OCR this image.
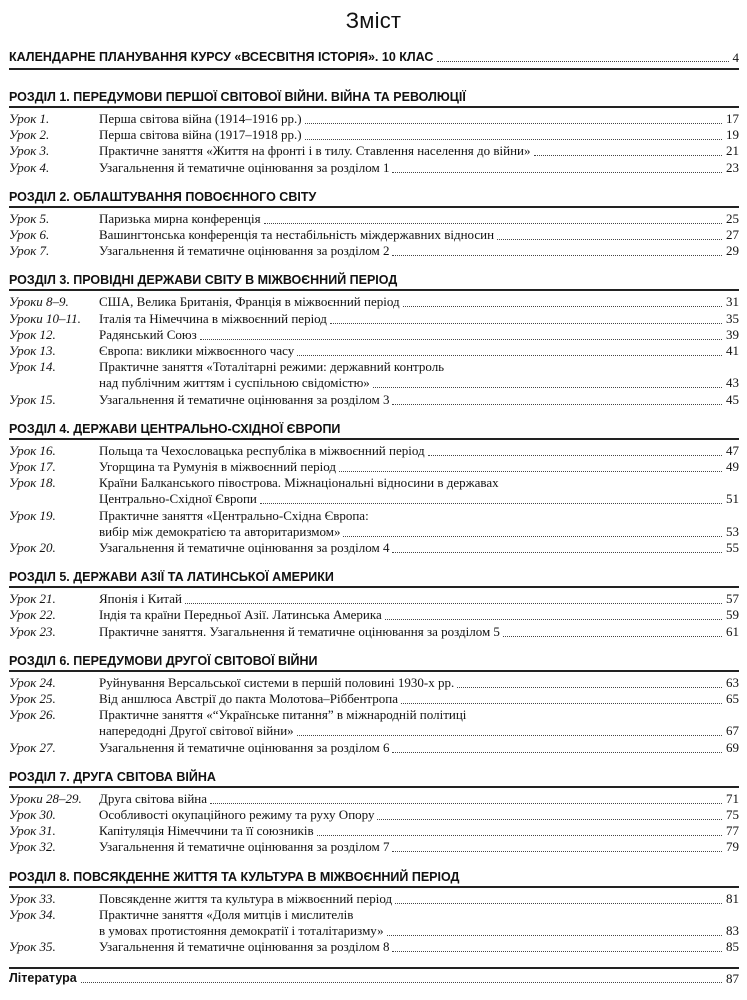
Зміст
КАЛЕНДАРНЕ ПЛАНУВАННЯ КУРСУ «ВСЕСВІТНЯ ІСТОРІЯ». 10 КЛАС	4
РОЗДІЛ 1. ПЕРЕДУМОВИ ПЕРШОЇ СВІТОВОЇ ВІЙНИ. ВІЙНА ТА РЕВОЛЮЦІЇ
Урок 1.	Перша світова війна (1914–1916 рр.)	17
Урок 2.	Перша світова війна (1917–1918 рр.)	19
Урок 3.	Практичне заняття «Життя на фронті і в тилу. Ставлення населення до війни»	21
Урок 4.	Узагальнення й тематичне оцінювання за розділом 1	23
РОЗДІЛ 2. ОБЛАШТУВАННЯ ПОВОЄННОГО СВІТУ
Урок 5.	Паризька мирна конференція	25
Урок 6.	Вашингтонська конференція та нестабільність міждержавних відносин	27
Урок 7.	Узагальнення й тематичне оцінювання за розділом 2	29
РОЗДІЛ 3. ПРОВІДНІ ДЕРЖАВИ СВІТУ В МІЖВОЄННИЙ ПЕРІОД
Уроки 8–9.	США, Велика Британія, Франція в міжвоєнний період	31
Уроки 10–11.	Італія та Німеччина в міжвоєнний період	35
Урок 12.	Радянський Союз	39
Урок 13.	Європа: виклики міжвоєнного часу	41
Урок 14.	Практичне заняття «Тоталітарні режими: державний контроль
над публічним життям і суспільною свідомістю»	43
Урок 15.	Узагальнення й тематичне оцінювання за розділом 3	45
РОЗДІЛ 4. ДЕРЖАВИ ЦЕНТРАЛЬНО-СХІДНОЇ ЄВРОПИ
Урок 16.	Польща та Чехословацька республіка в міжвоєнний період	47
Урок 17.	Угорщина та Румунія в міжвоєнний період	49
Урок 18.	Країни Балканського півострова. Міжнаціональні відносини в державах
Центрально-Східної Європи	51
Урок 19.	Практичне заняття «Центрально-Східна Європа:
вибір між демократією та авторитаризмом»	53
Урок 20.	Узагальнення й тематичне оцінювання за розділом 4	55
РОЗДІЛ 5. ДЕРЖАВИ АЗІЇ ТА ЛАТИНСЬКОЇ АМЕРИКИ
Урок 21.	Японія і Китай	57
Урок 22.	Індія та країни Передньої Азії. Латинська Америка	59
Урок 23.	Практичне заняття. Узагальнення й тематичне оцінювання за розділом 5	61
РОЗДІЛ 6. ПЕРЕДУМОВИ ДРУГОЇ СВІТОВОЇ ВІЙНИ
Урок 24.	Руйнування Версальської системи в першій половині 1930-х рр.	63
Урок 25.	Від аншлюса Австрії до пакта Молотова–Ріббентропа	65
Урок 26.	Практичне заняття «“Українське питання” в міжнародній політиці
напередодні Другої світової війни»	67
Урок 27.	Узагальнення й тематичне оцінювання за розділом 6	69
РОЗДІЛ 7. ДРУГА СВІТОВА ВІЙНА
Уроки 28–29.	Друга світова війна	71
Урок 30.	Особливості окупаційного режиму та руху Опору	75
Урок 31.	Капітуляція Німеччини та її союзників	77
Урок 32.	Узагальнення й тематичне оцінювання за розділом 7	79
РОЗДІЛ 8. ПОВСЯКДЕННЕ ЖИТТЯ ТА КУЛЬТУРА В МІЖВОЄННИЙ ПЕРІОД
Урок 33.	Повсякденне життя та культура в міжвоєнний період	81
Урок 34.	Практичне заняття «Доля митців і мислителів
в умовах протистояння демократії і тоталітаризму»	83
Урок 35.	Узагальнення й тематичне оцінювання за розділом 8	85
Література	87
